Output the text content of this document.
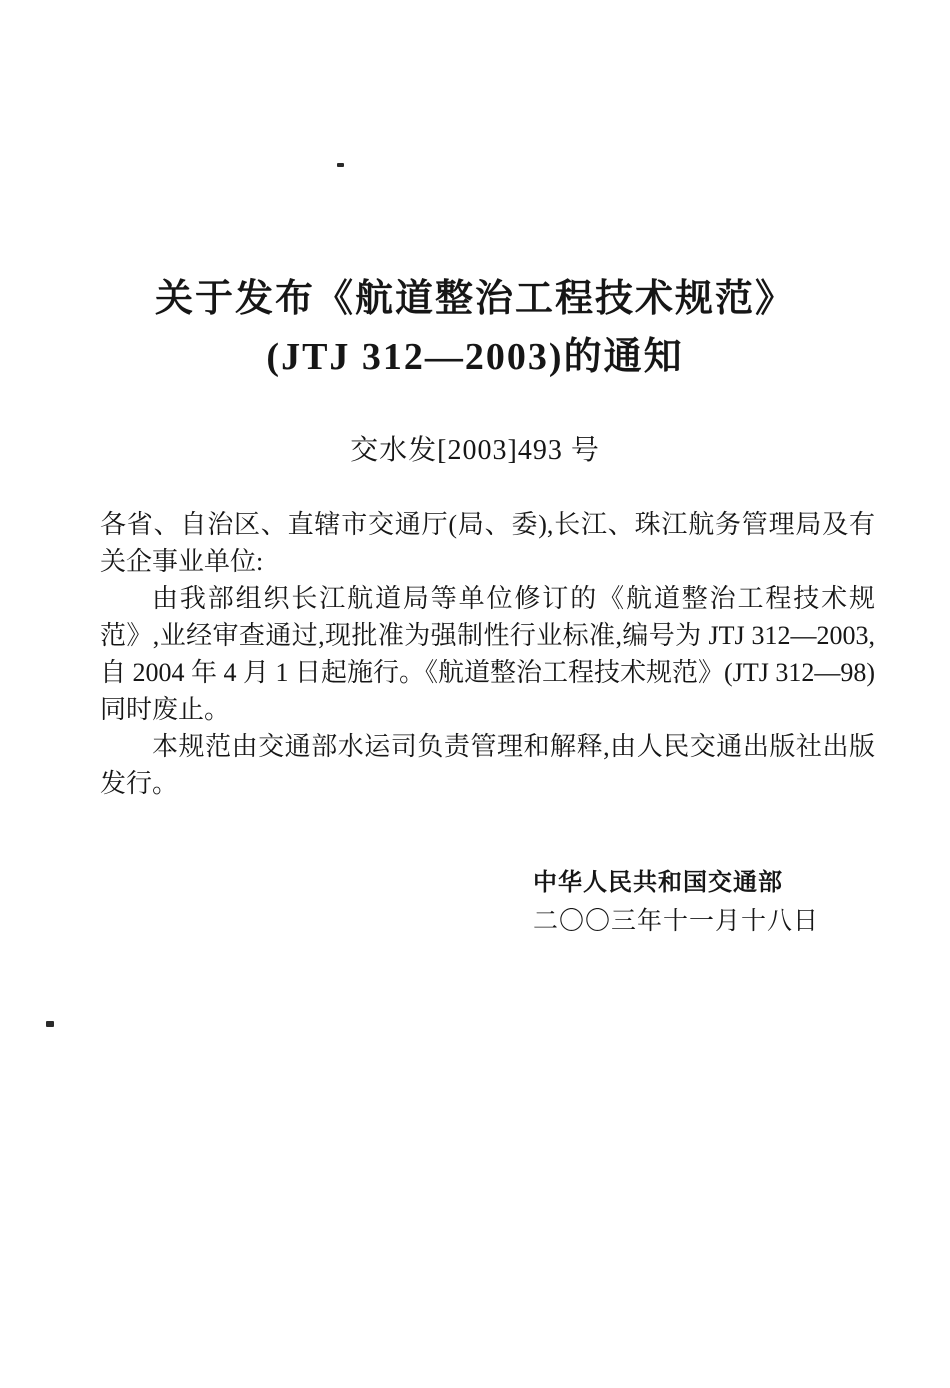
关于发布《航道整治工程技术规范》
(JTJ 312—2003)的通知
交水发[2003]493 号

各省、自治区、直辖市交通厅(局、委),长江、珠江航务管理局及有关企事业单位:

由我部组织长江航道局等单位修订的《航道整治工程技术规范》,业经审查通过,现批准为强制性行业标准,编号为 JTJ 312—2003,自 2004 年 4 月 1 日起施行。《航道整治工程技术规范》(JTJ 312—98)同时废止。

本规范由交通部水运司负责管理和解释,由人民交通出版社出版发行。

中华人民共和国交通部
二〇〇三年十一月十八日
